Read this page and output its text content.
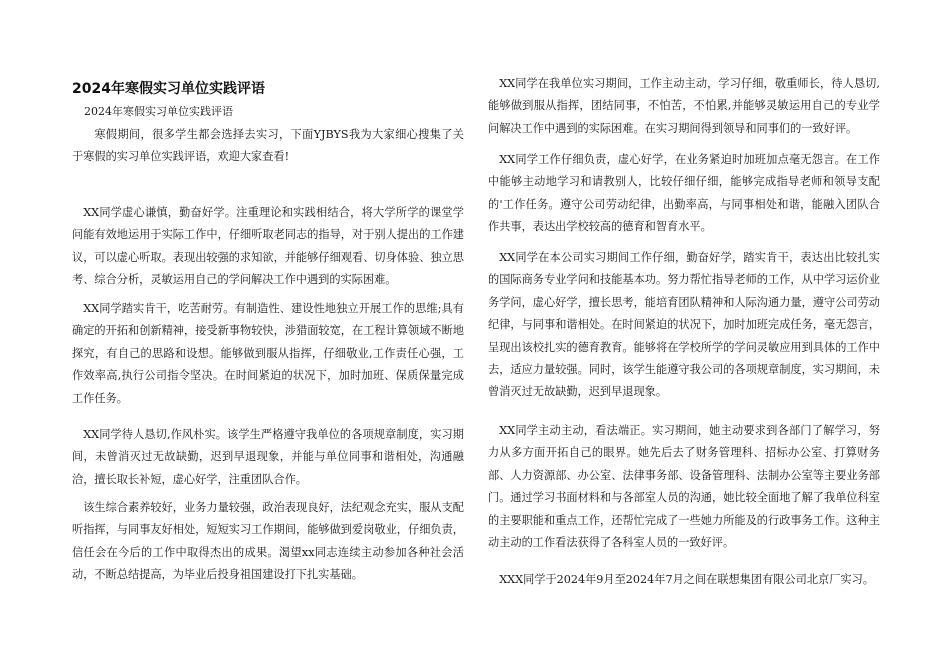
2024年寒假实习单位实践评语
2024年寒假实习单位实践评语

寒假期间，很多学生都会选择去实习，下面YJBYS我为大家细心搜集了关于寒假的实习单位实践评语，欢迎大家查看!

XX同学虚心谦慎，勤奋好学。注重理论和实践相结合，将大学所学的课堂学问能有效地运用于实际工作中，仔细听取老同志的指导，对于别人提出的工作建议，可以虚心听取。表现出较强的求知欲，并能够仔细观看、切身体验、独立思考、综合分析，灵敏运用自己的学问解决工作中遇到的实际困难。

XX同学踏实肯干，吃苦耐劳。有制造性、建设性地独立开展工作的思维;具有确定的开拓和创新精神，接受新事物较快，涉猎面较宽，在工程计算领域不断地探究，有自己的思路和设想。能够做到服从指挥，仔细敬业,工作责任心强，工作效率高,执行公司指令坚决。在时间紧迫的状况下，加时加班、保质保量完成工作任务。

XX同学待人恳切,作风朴实。该学生严格遵守我单位的各项规章制度，实习期间，未曾消灭过无故缺勤，迟到早退现象，并能与单位同事和谐相处，沟通融洽，擅长取长补短，虚心好学，注重团队合作。

该生综合素养较好，业务力量较强，政治表现良好，法纪观念充实，服从支配听指挥，与同事友好相处，短短实习工作期间，能够做到爱岗敬业，仔细负责，信任会在今后的工作中取得杰出的成果。渴望xx同志连续主动参加各种社会活动，不断总结提高，为毕业后投身祖国建设打下扎实基础。

XX同学在我单位实习期间，工作主动主动，学习仔细，敬重师长，待人恳切,能够做到服从指挥，团结同事，不怕苦，不怕累,并能够灵敏运用自己的专业学问解决工作中遇到的实际困难。在实习期间得到领导和同事们的一致好评。

XX同学工作仔细负责，虚心好学，在业务紧迫时加班加点毫无怨言。在工作中能够主动地学习和请教别人，比较仔细仔细，能够完成指导老师和领导支配的'工作任务。遵守公司劳动纪律，出勤率高，与同事相处和谐，能融入团队合作共事，表达出学校较高的德育和智育水平。

XX同学在本公司实习期间工作仔细，勤奋好学，踏实肯干，表达出比较扎实的国际商务专业学问和技能基本功。努力帮忙指导老师的工作，从中学习运价业务学问，虚心好学，擅长思考，能培育团队精神和人际沟通力量，遵守公司劳动纪律，与同事和谐相处。在时间紧迫的状况下，加时加班完成任务，毫无怨言，呈现出该校扎实的德育教育。能够将在学校所学的学问灵敏应用到具体的工作中去，适应力量较强。同时，该学生能遵守我公司的各项规章制度，实习期间，未曾消灭过无故缺勤，迟到早退现象。

XX同学主动主动，看法端正。实习期间，她主动要求到各部门了解学习，努力从多方面开拓自己的眼界。她先后去了财务管理科、招标办公室、打算财务部、人力资源部、办公室、法律事务部、设备管理科、法制办公室等主要业务部门。通过学习书面材料和与各部室人员的沟通，她比较全面地了解了我单位科室的主要职能和重点工作，还帮忙完成了一些她力所能及的行政事务工作。这种主动主动的工作看法获得了各科室人员的一致好评。

XXX同学于2024年9月至2024年7月之间在联想集团有限公司北京厂实习。
